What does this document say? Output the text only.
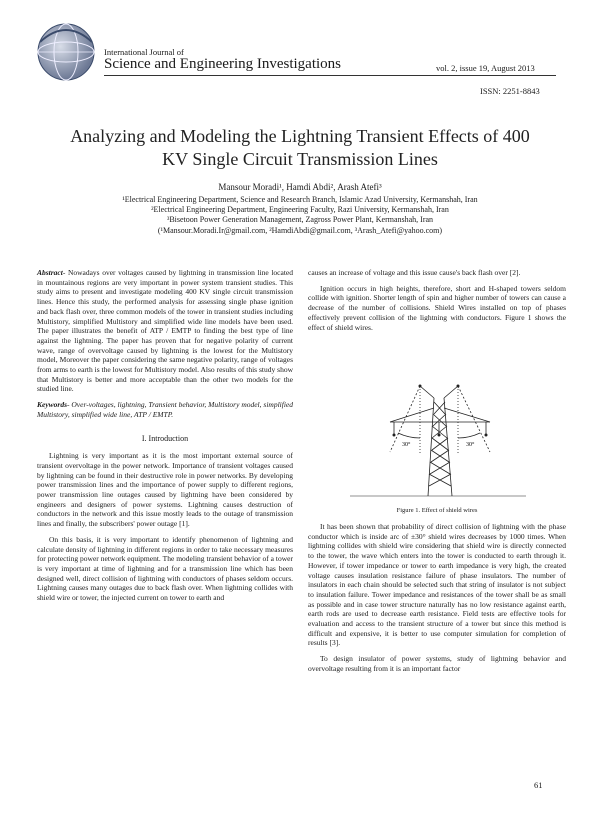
International Journal of
Science and Engineering Investigations	vol. 2, issue 19, August 2013
ISSN: 2251-8843
Analyzing and Modeling the Lightning Transient Effects of 400
KV Single Circuit Transmission Lines
Mansour Moradi¹, Hamdi Abdi², Arash Atefi³
¹Electrical Engineering Department, Science and Research Branch, Islamic Azad University, Kermanshah, Iran
²Electrical Engineering Department, Engineering Faculty, Razi University, Kermanshah, Iran
³Bisetoon Power Generation Management, Zagross Power Plant, Kermanshah, Iran
(¹Mansour.Moradi.Ir@gmail.com, ²HamdiAbdi@gmail.com, ³Arash_Atefi@yahoo.com)

Abstract- Nowadays over voltages caused by lightning in transmission line located in mountainous regions are very important in power system transient studies. This study aims to present and investigate modeling 400 KV single circuit transmission lines. Hence this study, the performed analysis for assessing single phase ignition and back flash over, three common models of the tower in transient studies including Multistory, simplified Multistory and simplified wide line models have been used. The paper illustrates the benefit of ATP / EMTP to finding the best type of line against the lightning. The paper has proven that for negative polarity of current wave, range of overvoltage caused by lightning is the lowest for the Multistory model, Moreover the paper considering the same negative polarity, range of voltages from arms to earth is the lowest for Multistory model. Also results of this study show that Multistory is better and more acceptable than the other two models for the studied line.

Keywords- Over-voltages, lightning, Transient behavior, Multistory model, simplified Multistory, simplified wide line, ATP / EMTP.

I. Introduction

Lightning is very important as it is the most important external source of transient overvoltage in the power network. Importance of transient voltages caused by lightning can be found in their destructive role in power networks. By developing power transmission lines and the importance of power supply to different regions, power transmission line outages caused by lightning have been considered by engineers and designers of power systems. Lightning causes destruction of conductors in the network and this issue mostly leads to the outage of transmission lines and finally, the subscribers' power outage [1].

On this basis, it is very important to identify phenomenon of lightning and calculate density of lightning in different regions in order to take necessary measures for protecting power network equipment. The modeling transient behavior of a tower is very important at time of lightning and for a transmission line which has been designed well, direct collision of lightning with conductors of phases seldom occurs. Lightning causes many outages due to back flash over. When lightning collides with shield wire or tower, the injected current on tower to earth and

causes an increase of voltage and this issue cause's back flash over [2].

Ignition occurs in high heights, therefore, short and H-shaped towers seldom collide with ignition. Shorter length of spin and higher number of towers can cause a decrease of the number of collisions. Shield Wires installed on top of phases effectively prevent collision of the lightning with conductors. Figure 1 shows the effect of shield wires.

30°	30°
Figure 1. Effect of shield wires

It has been shown that probability of direct collision of lightning with the phase conductor which is inside arc of ±30° shield wires decreases by 1000 times. When lightning collides with shield wire considering that shield wire is directly connected to the tower, the wave which enters into the tower is conducted to earth through it. However, if tower impedance or tower to earth impedance is very high, the created voltage causes insulation resistance failure of phase insulators. The number of insulators in each chain should be selected such that string of insulator is not subject to insulation failure. Tower impedance and resistances of the tower shall be as small as possible and in case tower structure naturally has no low resistance against earth, earth rods are used to decrease earth resistance. Field tests are effective tools for evaluation and access to the transient structure of a tower but since this method is difficult and expensive, it is better to use computer simulation for completion of results [3].

To design insulator of power systems, study of lightning behavior and overvoltage resulting from it is an important factor

61
